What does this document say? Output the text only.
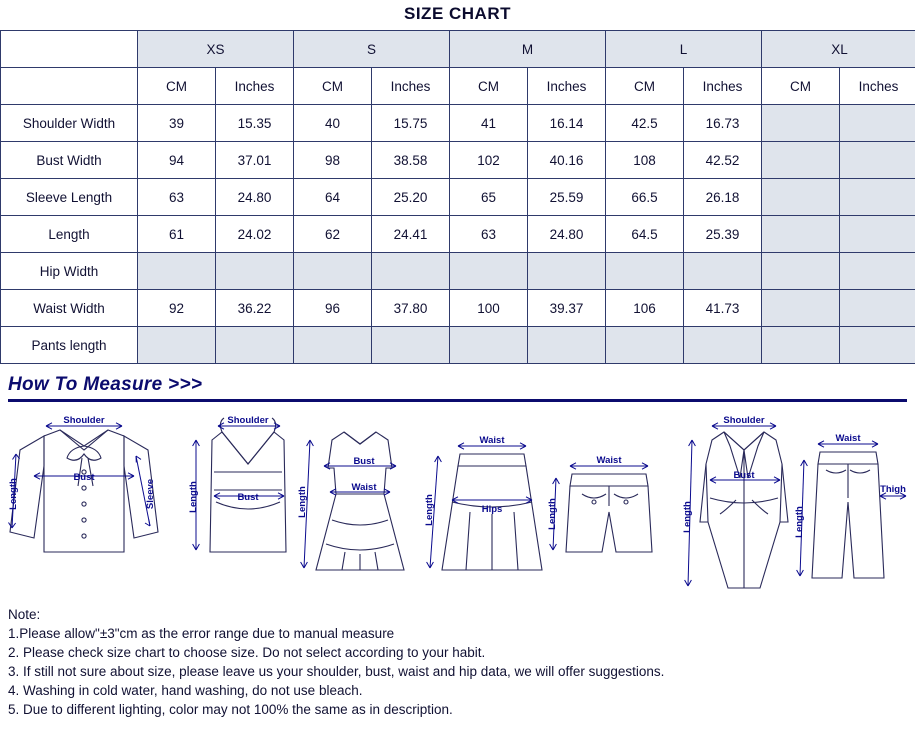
SIZE CHART
	XS		S		M		L		XL	
	CM	Inches	CM	Inches	CM	Inches	CM	Inches	CM	Inches
Shoulder Width	39	15.35	40	15.75	41	16.14	42.5	16.73		
Bust Width	94	37.01	98	38.58	102	40.16	108	42.52		
Sleeve Length	63	24.80	64	25.20	65	25.59	66.5	26.18		
Length	61	24.02	62	24.41	63	24.80	64.5	25.39		
Hip Width										
Waist Width	92	36.22	96	37.80	100	39.37	106	41.73		
Pants length										
How To Measure >>>
Shoulder
Bust
Length	Sleeve
Shoulder
Bust
Length
Bust
Waist
Length
Waist
Hips
Length
Waist
Length
Shoulder
Bust
Length
Waist
Thigh
Length
Note:
1.Please allow"±3"cm as the error range due to manual measure
2. Please check size chart to choose size. Do not select according to your habit.
3. If still not sure about size, please leave us your shoulder, bust, waist and hip data, we will offer suggestions.
4. Washing in cold water, hand washing, do not use bleach.
5. Due to different lighting, color may not 100% the same as in description.
